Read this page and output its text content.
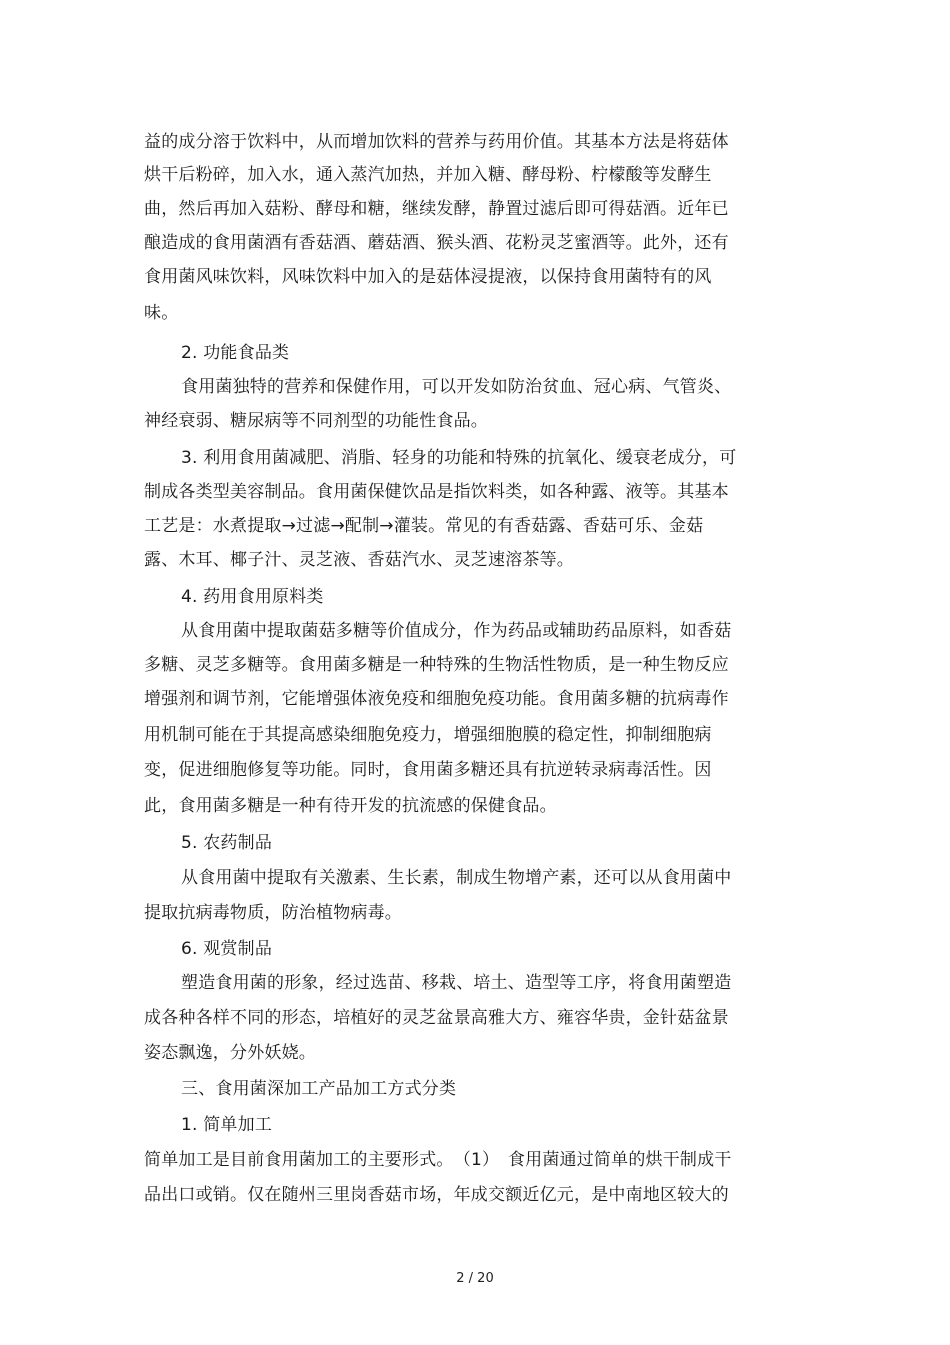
益的成分溶于饮料中，从而增加饮料的营养与药用价值。其基本方法是将菇体
烘干后粉碎，加入水，通入蒸汽加热，并加入糖、酵母粉、柠檬酸等发酵生
曲，然后再加入菇粉、酵母和糖，继续发酵，静置过滤后即可得菇酒。近年已
酿造成的食用菌酒有香菇酒、蘑菇酒、猴头酒、花粉灵芝蜜酒等。此外，还有
食用菌风味饮料，风味饮料中加入的是菇体浸提液，以保持食用菌特有的风
味。
2. 功能食品类
食用菌独特的营养和保健作用，可以开发如防治贫血、冠心病、气管炎、
神经衰弱、糖尿病等不同剂型的功能性食品。
3. 利用食用菌减肥、消脂、轻身的功能和特殊的抗氧化、缓衰老成分，可
制成各类型美容制品。食用菌保健饮品是指饮料类，如各种露、液等。其基本
工艺是：水煮提取→过滤→配制→灌装。常见的有香菇露、香菇可乐、金菇
露、木耳、椰子汁、灵芝液、香菇汽水、灵芝速溶茶等。
4. 药用食用原料类
从食用菌中提取菌菇多糖等价值成分，作为药品或辅助药品原料，如香菇
多糖、灵芝多糖等。食用菌多糖是一种特殊的生物活性物质，是一种生物反应
增强剂和调节剂，它能增强体液免疫和细胞免疫功能。食用菌多糖的抗病毒作
用机制可能在于其提高感染细胞免疫力，增强细胞膜的稳定性，抑制细胞病
变，促进细胞修复等功能。同时，食用菌多糖还具有抗逆转录病毒活性。因
此，食用菌多糖是一种有待开发的抗流感的保健食品。
5. 农药制品
从食用菌中提取有关激素、生长素，制成生物增产素，还可以从食用菌中
提取抗病毒物质，防治植物病毒。
6. 观赏制品
塑造食用菌的形象，经过选苗、移栽、培土、造型等工序，将食用菌塑造
成各种各样不同的形态，培植好的灵芝盆景高雅大方、雍容华贵，金针菇盆景
姿态飘逸，分外妖娆。
三、食用菌深加工产品加工方式分类
1. 简单加工
简单加工是目前食用菌加工的主要形式。　（1）　食用菌通过简单的烘干制成干
品出口或销。仅在随州三里岗香菇市场，年成交额近亿元，是中南地区较大的
2 / 20
